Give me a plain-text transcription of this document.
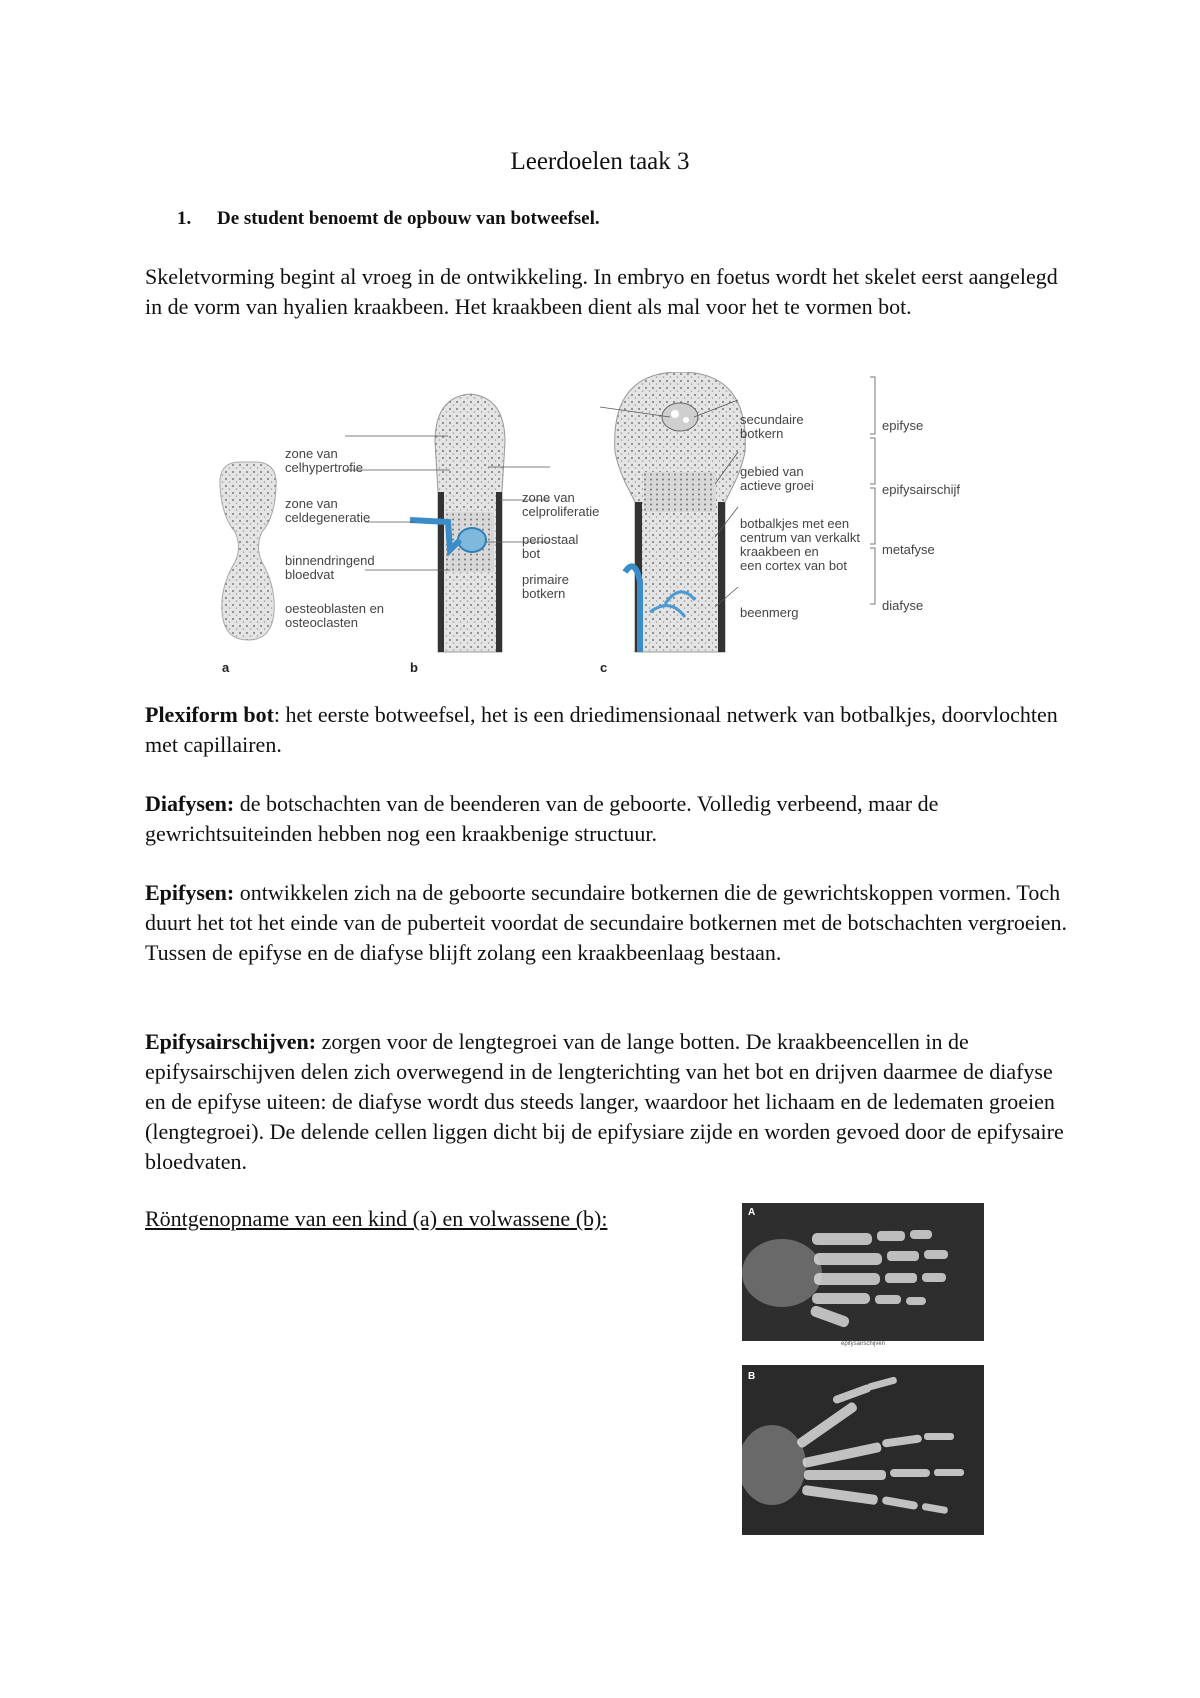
Leerdoelen taak 3
1. De student benoemt de opbouw van botweefsel.

Skeletvorming begint al vroeg in de ontwikkeling. In embryo en foetus wordt het skelet eerst aangelegd in de vorm van hyalien kraakbeen. Het kraakbeen dient als mal voor het te vormen bot.

zone van
celhypertrofie
zone van
celdegeneratie
binnendringend
bloedvat
oesteoblasten en
osteoclasten
zone van
celproliferatie
periostaal
bot
primaire
botkern
secundaire
botkern
gebied van
actieve groei
botbalkjes met een
centrum van verkalkt
kraakbeen en
een cortex van bot
beenmerg
epifyse
epifysairschijf
metafyse
diafyse
a	b	c

Plexiform bot: het eerste botweefsel, het is een driedimensionaal netwerk van botbalkjes, doorvlochten met capillairen.

Diafysen: de botschachten van de beenderen van de geboorte. Volledig verbeend, maar de gewrichtsuiteinden hebben nog een kraakbenige structuur.

Epifysen: ontwikkelen zich na de geboorte secundaire botkernen die de gewrichtskoppen vormen. Toch duurt het tot het einde van de puberteit voordat de secundaire botkernen met de botschachten vergroeien. Tussen de epifyse en de diafyse blijft zolang een kraakbeenlaag bestaan.

Epifysairschijven: zorgen voor de lengtegroei van de lange botten. De kraakbeencellen in de epifysairschijven delen zich overwegend in de lengterichting van het bot en drijven daarmee de diafyse en de epifyse uiteen: de diafyse wordt dus steeds langer, waardoor het lichaam en de ledematen groeien (lengtegroei). De delende cellen liggen dicht bij de epifysiare zijde en worden gevoed door de epifysaire bloedvaten.

Röntgenopname van een kind (a) en volwassene (b):	A
epifysairschijven
B
